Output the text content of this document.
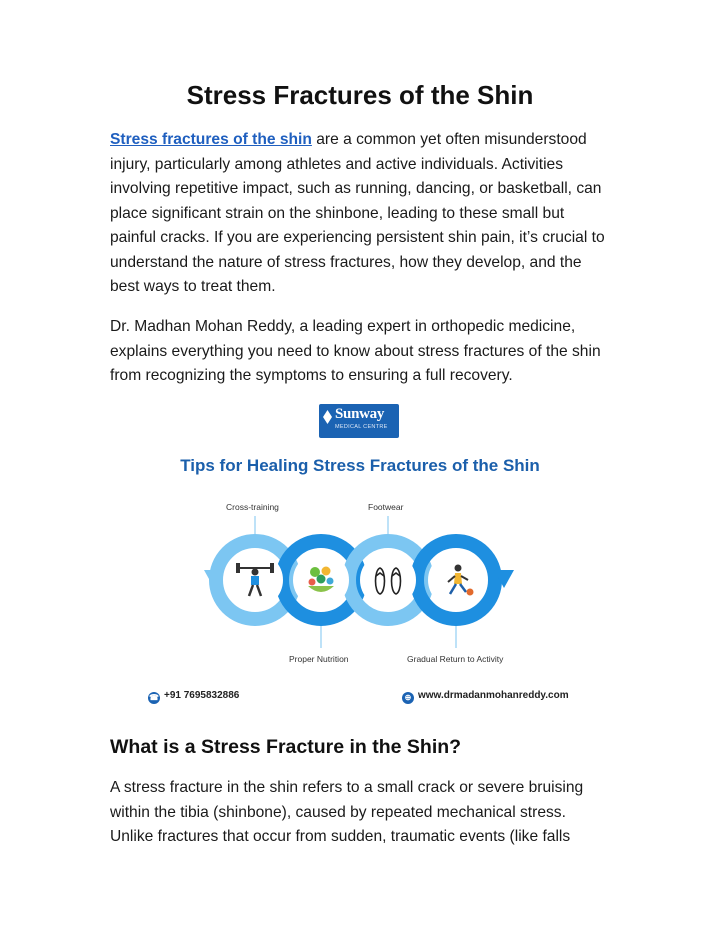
Stress Fractures of the Shin

Stress fractures of the shin are a common yet often misunderstood injury, particularly among athletes and active individuals. Activities involving repetitive impact, such as running, dancing, or basketball, can place significant strain on the shinbone, leading to these small but painful cracks. If you are experiencing persistent shin pain, it’s crucial to understand the nature of stress fractures, how they develop, and the best ways to treat them.

Dr. Madhan Mohan Reddy, a leading expert in orthopedic medicine, explains everything you need to know about stress fractures of the shin from recognizing the symptoms to ensuring a full recovery.

Sunway
MEDICAL CENTRE
Tips for Healing Stress Fractures of the Shin
Cross-training	Footwear
Proper Nutrition	Gradual Return to Activity
☎ +91 7695832886	⊕ www.drmadanmohanreddy.com
What is a Stress Fracture in the Shin?

A stress fracture in the shin refers to a small crack or severe bruising within the tibia (shinbone), caused by repeated mechanical stress. Unlike fractures that occur from sudden, traumatic events (like falls
